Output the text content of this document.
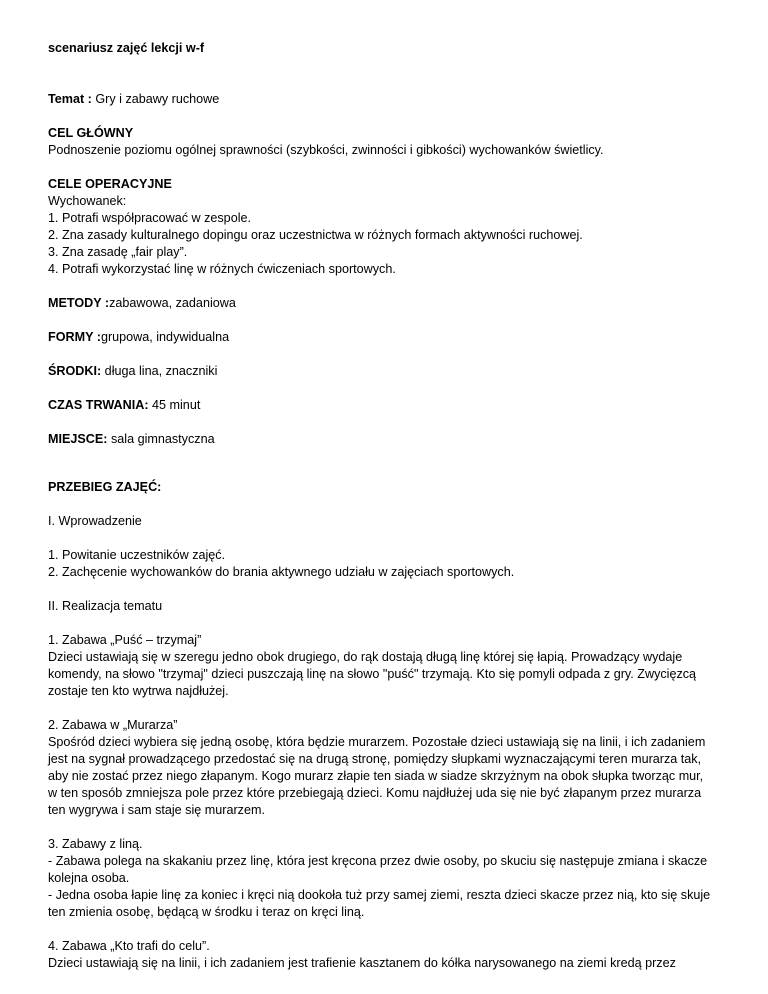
scenariusz zajęć lekcji w-f

Temat : Gry i zabawy ruchowe

CEL GŁÓWNY

Podnoszenie poziomu ogólnej sprawności (szybkości, zwinności i gibkości) wychowanków świetlicy.

CELE OPERACYJNE

Wychowanek:

1. Potrafi współpracować w zespole.

2. Zna zasady kulturalnego dopingu oraz uczestnictwa w różnych formach aktywności ruchowej.

3. Zna zasadę „fair play”.

4. Potrafi wykorzystać linę w różnych ćwiczeniach sportowych.

METODY :zabawowa, zadaniowa

FORMY :grupowa, indywidualna

ŚRODKI: długa lina, znaczniki

CZAS TRWANIA: 45 minut

MIEJSCE: sala gimnastyczna

PRZEBIEG ZAJĘĆ:

I. Wprowadzenie

1. Powitanie uczestników zajęć.

2. Zachęcenie wychowanków do brania aktywnego udziału w zajęciach sportowych.

II. Realizacja tematu

1. Zabawa „Puść – trzymaj”

Dzieci ustawiają się w szeregu jedno obok drugiego, do rąk dostają długą linę której się łapią. Prowadzący wydaje

komendy, na słowo "trzymaj" dzieci puszczają linę na słowo "puść" trzymają. Kto się pomyli odpada z gry. Zwycięzcą

zostaje ten kto wytrwa najdłużej.

2. Zabawa w „Murarza”

Spośród dzieci wybiera się jedną osobę, która będzie murarzem. Pozostałe dzieci ustawiają się na linii, i ich zadaniem

jest na sygnał prowadzącego przedostać się na drugą stronę, pomiędzy słupkami wyznaczającymi teren murarza tak,

aby nie zostać przez niego złapanym. Kogo murarz złapie ten siada w siadze skrzyżnym na obok słupka tworząc mur,

w ten sposób zmniejsza pole przez które przebiegają dzieci. Komu najdłużej uda się nie być złapanym przez murarza

ten wygrywa i sam staje się murarzem.

3. Zabawy z liną.

- Zabawa polega na skakaniu przez linę, która jest kręcona przez dwie osoby, po skuciu się następuje zmiana i skacze

kolejna osoba.

- Jedna osoba łapie linę za koniec i kręci nią dookoła tuż przy samej ziemi, reszta dzieci skacze przez nią, kto się skuje

ten zmienia osobę, będącą w środku i teraz on kręci liną.

4. Zabawa „Kto trafi do celu”.

Dzieci ustawiają się na linii, i ich zadaniem jest trafienie kasztanem do kółka narysowanego na ziemi kredą przez
